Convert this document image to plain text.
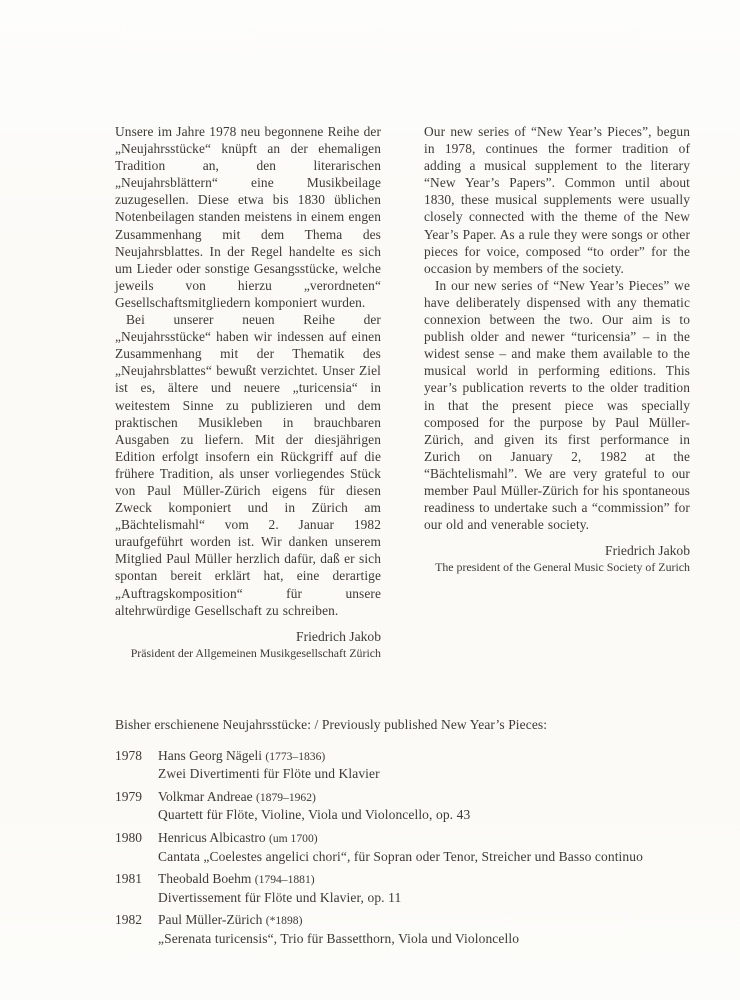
Unsere im Jahre 1978 neu begonnene Reihe der „Neujahrsstücke“ knüpft an der ehemaligen Tradition an, den literarischen „Neujahrsblättern“ eine Musikbeilage zuzugesellen. Diese etwa bis 1830 üblichen Notenbeilagen standen meistens in einem engen Zusammenhang mit dem Thema des Neujahrsblattes. In der Regel handelte es sich um Lieder oder sonstige Gesangsstücke, welche jeweils von hierzu „verordneten“ Gesellschaftsmitgliedern komponiert wurden.

Bei unserer neuen Reihe der „Neujahrsstücke“ haben wir indessen auf einen Zusammenhang mit der Thematik des „Neujahrsblattes“ bewußt verzichtet. Unser Ziel ist es, ältere und neuere „turicensia“ in weitestem Sinne zu publizieren und dem praktischen Musikleben in brauchbaren Ausgaben zu liefern. Mit der diesjährigen Edition erfolgt insofern ein Rückgriff auf die frühere Tradition, als unser vorliegendes Stück von Paul Müller-Zürich eigens für diesen Zweck komponiert und in Zürich am „Bächtelismahl“ vom 2. Januar 1982 uraufgeführt worden ist. Wir danken unserem Mitglied Paul Müller herzlich dafür, daß er sich spontan bereit erklärt hat, eine derartige „Auftragskomposition“ für unsere altehrwürdige Gesellschaft zu schreiben.

Friedrich Jakob
Präsident der Allgemeinen Musikgesellschaft Zürich

Our new series of “New Year’s Pieces”, begun in 1978, continues the former tradition of adding a musical supplement to the literary “New Year’s Papers”. Common until about 1830, these musical supplements were usually closely connected with the theme of the New Year’s Paper. As a rule they were songs or other pieces for voice, composed “to order” for the occasion by members of the society.

In our new series of “New Year’s Pieces” we have deliberately dispensed with any thematic connexion between the two. Our aim is to publish older and newer “turicensia” – in the widest sense – and make them available to the musical world in performing editions. This year’s publication reverts to the older tradition in that the present piece was specially composed for the purpose by Paul Müller-Zürich, and given its first performance in Zurich on January 2, 1982 at the “Bächtelismahl”. We are very grateful to our member Paul Müller-Zürich for his spontaneous readiness to undertake such a “commission” for our old and venerable society.

Friedrich Jakob
The president of the General Music Society of Zurich

Bisher erschienene Neujahrsstücke: / Previously published New Year’s Pieces:

1978	Hans Georg Nägeli (1773–1836)
Zwei Divertimenti für Flöte und Klavier
1979	Volkmar Andreae (1879–1962)
Quartett für Flöte, Violine, Viola und Violoncello, op. 43
1980	Henricus Albicastro (um 1700)
Cantata „Coelestes angelici chori“, für Sopran oder Tenor, Streicher und Basso continuo
1981	Theobald Boehm (1794–1881)
Divertissement für Flöte und Klavier, op. 11
1982	Paul Müller-Zürich (*1898)
„Serenata turicensis“, Trio für Bassetthorn, Viola und Violoncello
